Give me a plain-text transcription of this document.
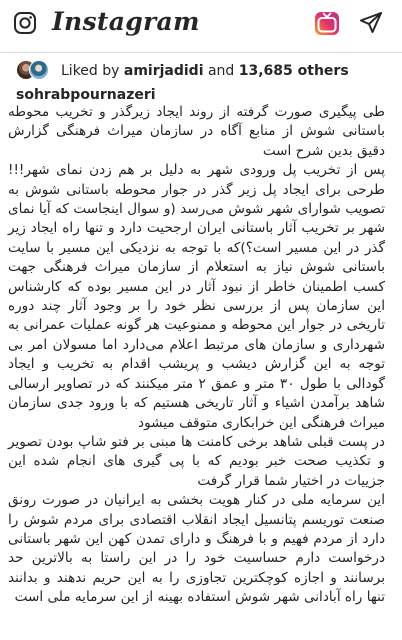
Instagram
Liked by amirjadidi and 13,685 others
sohrabpournazeri

طی پیگیری صورت گرفته از روند ایجاد زیرگذر و تخریب محوطه باستانی شوش از منابع آگاه در سازمان میراث فرهنگی گزارش دقیق بدین شرح است

پس از تخریب پل ورودی شهر به دلیل بر هم زدن نمای شهر!!!طرحی برای ایجاد پل زیر گذر در جوار محوطه باستانی شوش به تصویب شوارای شهر شوش می‌رسد (و سوال اینجاست که آیا نمای شهر بر تخریب آثار باستانی ایران ارجحیت دارد و تنها راه ایجاد زیر گذر در این مسیر است؟)که با توجه به نزدیکی این مسیر با سایت باستانی شوش نیاز به استعلام از سازمان میراث فرهنگی جهت کسب اطمینان خاطر از نبود آثار در این مسیر بوده که کارشناس این سازمان پس از بررسی نظر خود را بر وجود آثار چند دوره تاریخی در جوار این محوطه و ممنوعیت هر گونه عملیات عمرانی به شهرداری و سازمان های مرتبط اعلام می‌دارد اما مسولان امر بی توجه به این گزارش دیشب و پریشب اقدام به تخریب و ایجاد گودالی با طول ۳۰ متر و عمق ۲ متر میکنند که در تصاویر ارسالی شاهد برآمدن اشیاء و آثار تاریخی هستیم که با ورود جدی سازمان میراث فرهنگی این خرابکاری متوقف میشود

در پست قبلی شاهد برخی کامنت ها مبنی بر فتو شاپ بودن تصویر و تکذیب صحت خبر بودیم که با پی گیری های انجام شده این جزییات در اختیار شما قرار گرفت

این سرمایه ملی در کنار هویت بخشی به ایرانیان در صورت رونق صنعت توریسم پتانسیل ایجاد انقلاب اقتصادی برای مردم شوش را دارد از مردم فهیم و با فرهنگ و دارای تمدن کهن این شهر باستانی درخواست دارم حساسیت خود را در این راستا به بالاترین حد برسانند و اجازه کوچکترین تجاوزی را به این حریم ندهند و بدانند تنها راه آبادانی شهر شوش استفاده بهینه از این سرمایه ملی است
